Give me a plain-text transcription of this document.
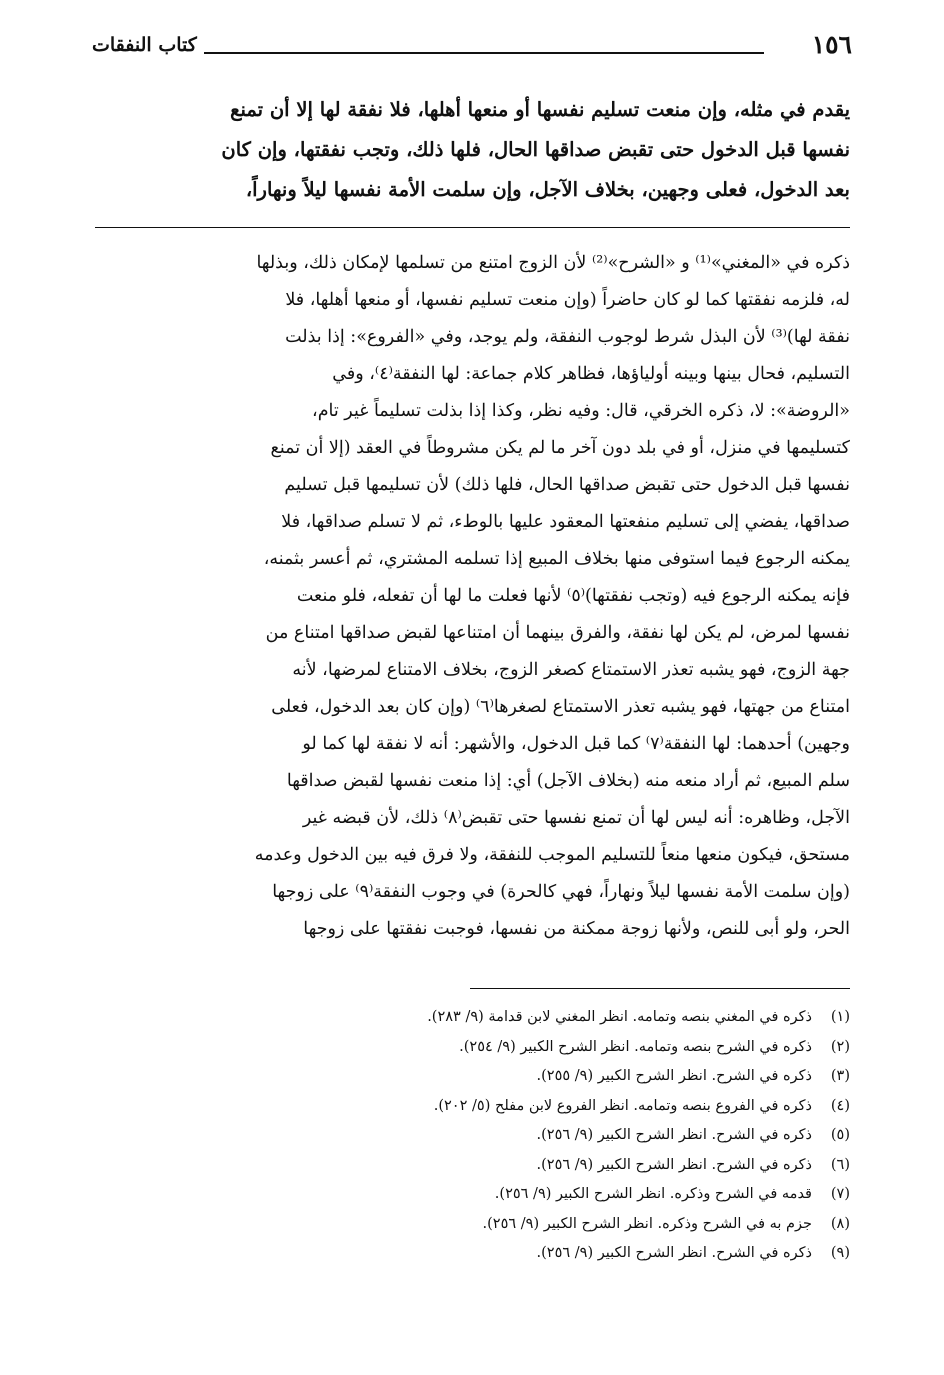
١٥٦
كتاب النفقات
يقدم في مثله، وإن منعت تسليم نفسها أو منعها أهلها، فلا نفقة لها إلا أن تمنع
نفسها قبل الدخول حتى تقبض صداقها الحال، فلها ذلك، وتجب نفقتها، وإن كان
بعد الدخول، فعلى وجهين، بخلاف الآجل، وإن سلمت الأمة نفسها ليلاً ونهاراً،
ذكره في «المغني»⁽¹⁾ و «الشرح»⁽²⁾ لأن الزوج امتنع من تسلمها لإمكان ذلك، وبذلها
له، فلزمه نفقتها كما لو كان حاضراً (وإن منعت تسليم نفسها، أو منعها أهلها، فلا
نفقة لها)⁽³⁾ لأن البذل شرط لوجوب النفقة، ولم يوجد، وفي «الفروع»: إذا بذلت
التسليم، فحال بينها وبينه أولياؤها، فظاهر كلام جماعة: لها النفقة⁽٤⁾، وفي
«الروضة»: لا، ذكره الخرقي، قال: وفيه نظر، وكذا إذا بذلت تسليماً غير تام،
كتسليمها في منزل، أو في بلد دون آخر ما لم يكن مشروطاً في العقد (إلا أن تمنع
نفسها قبل الدخول حتى تقبض صداقها الحال، فلها ذلك) لأن تسليمها قبل تسليم
صداقها، يفضي إلى تسليم منفعتها المعقود عليها بالوطء، ثم لا تسلم صداقها، فلا
يمكنه الرجوع فيما استوفى منها بخلاف المبيع إذا تسلمه المشتري، ثم أعسر بثمنه،
فإنه يمكنه الرجوع فيه (وتجب نفقتها)⁽٥⁾ لأنها فعلت ما لها أن تفعله، فلو منعت
نفسها لمرض، لم يكن لها نفقة، والفرق بينهما أن امتناعها لقبض صداقها امتناع من
جهة الزوج، فهو يشبه تعذر الاستمتاع كصغر الزوج، بخلاف الامتناع لمرضها، لأنه
امتناع من جهتها، فهو يشبه تعذر الاستمتاع لصغرها⁽٦⁾ (وإن كان بعد الدخول، فعلى
وجهين) أحدهما: لها النفقة⁽٧⁾ كما قبل الدخول، والأشهر: أنه لا نفقة لها كما لو
سلم المبيع، ثم أراد منعه منه (بخلاف الآجل) أي: إذا منعت نفسها لقبض صداقها
الآجل، وظاهره: أنه ليس لها أن تمنع نفسها حتى تقبض⁽٨⁾ ذلك، لأن قبضه غير
مستحق، فيكون منعها منعاً للتسليم الموجب للنفقة، ولا فرق فيه بين الدخول وعدمه
(وإن سلمت الأمة نفسها ليلاً ونهاراً، فهي كالحرة) في وجوب النفقة⁽٩⁾ على زوجها
الحر، ولو أبى للنص، ولأنها زوجة ممكنة من نفسها، فوجبت نفقتها على زوجها
(١)
ذكره في المغني بنصه وتمامه. انظر المغني لابن قدامة (٩/ ٢٨٣).
(٢)
ذكره في الشرح بنصه وتمامه. انظر الشرح الكبير (٩/ ٢٥٤).
(٣)
ذكره في الشرح. انظر الشرح الكبير (٩/ ٢٥٥).
(٤)
ذكره في الفروع بنصه وتمامه. انظر الفروع لابن مفلح (٥/ ٢٠٢).
(٥)
ذكره في الشرح. انظر الشرح الكبير (٩/ ٢٥٦).
(٦)
ذكره في الشرح. انظر الشرح الكبير (٩/ ٢٥٦).
(٧)
قدمه في الشرح وذكره. انظر الشرح الكبير (٩/ ٢٥٦).
(٨)
جزم به في الشرح وذكره. انظر الشرح الكبير (٩/ ٢٥٦).
(٩)
ذكره في الشرح. انظر الشرح الكبير (٩/ ٢٥٦).
